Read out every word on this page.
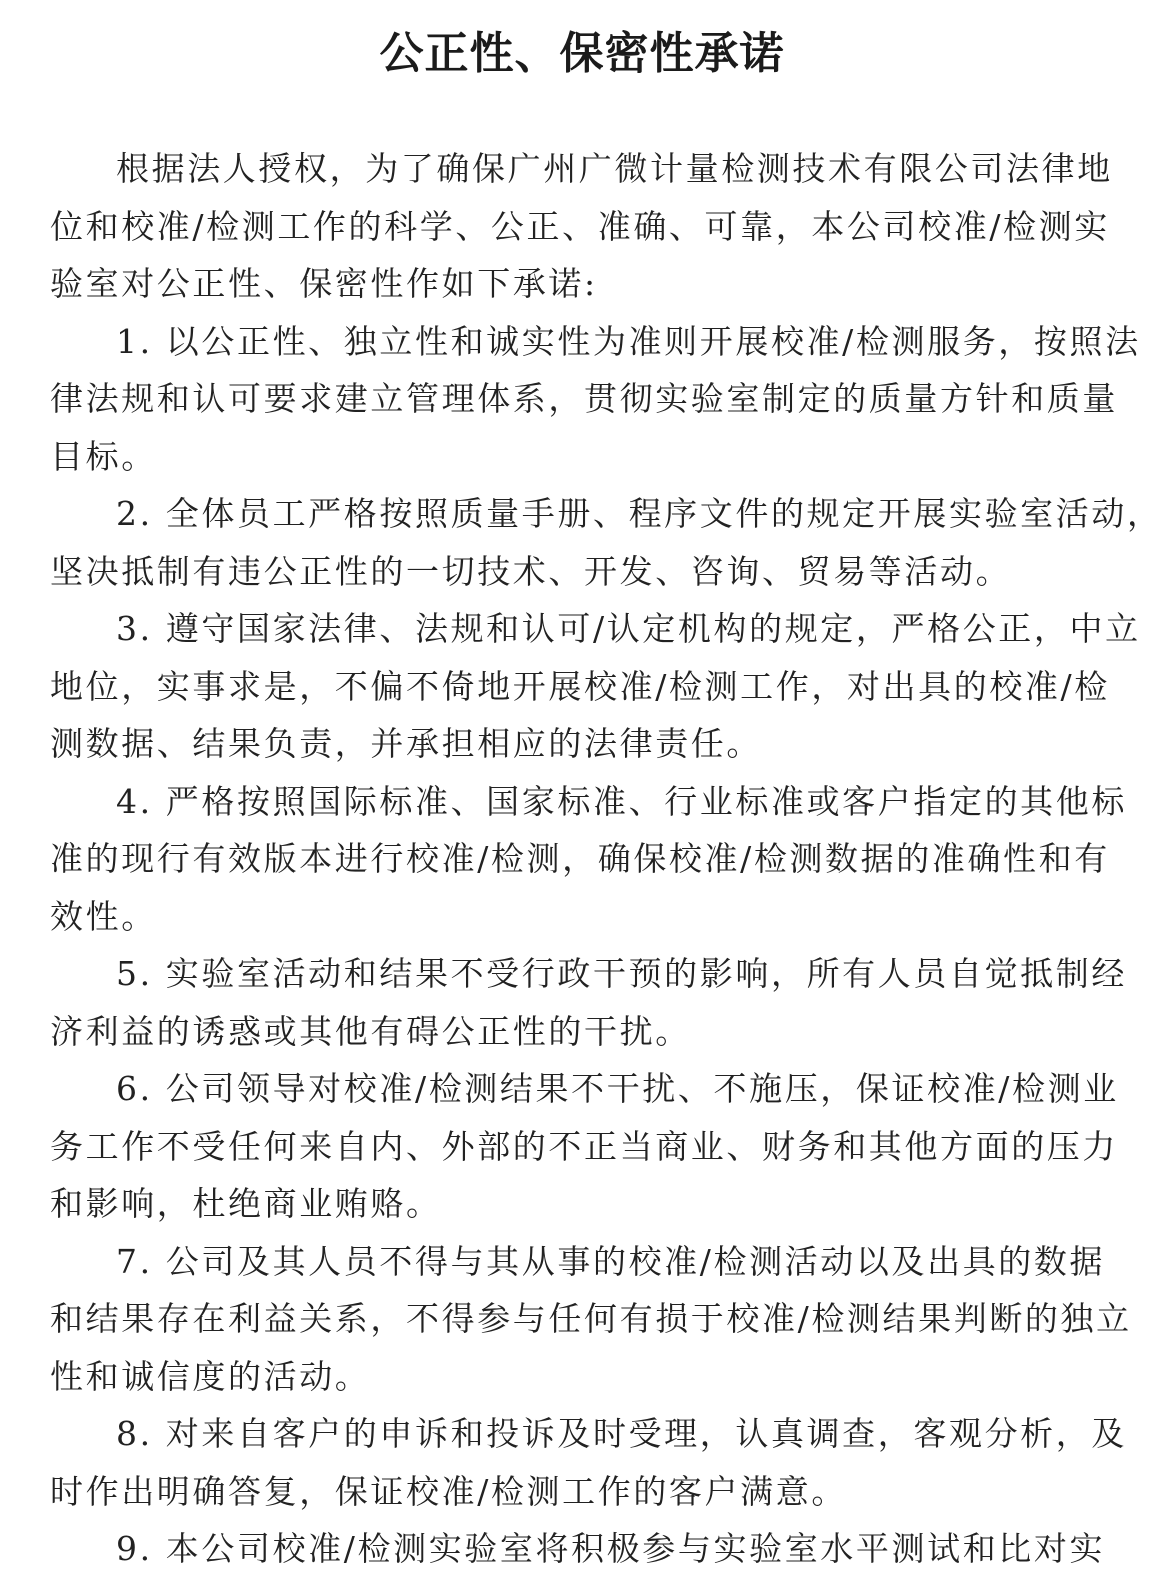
公正性、保密性承诺
根据法人授权，为了确保广州广微计量检测技术有限公司法律地
位和校准/检测工作的科学、公正、准确、可靠，本公司校准/检测实
验室对公正性、保密性作如下承诺:
1. 以公正性、独立性和诚实性为准则开展校准/检测服务，按照法
律法规和认可要求建立管理体系，贯彻实验室制定的质量方针和质量
目标。
2. 全体员工严格按照质量手册、程序文件的规定开展实验室活动，
坚决抵制有违公正性的一切技术、开发、咨询、贸易等活动。
3. 遵守国家法律、法规和认可/认定机构的规定，严格公正，中立
地位，实事求是，不偏不倚地开展校准/检测工作，对出具的校准/检
测数据、结果负责，并承担相应的法律责任。
4. 严格按照国际标准、国家标准、行业标准或客户指定的其他标
准的现行有效版本进行校准/检测，确保校准/检测数据的准确性和有
效性。
5. 实验室活动和结果不受行政干预的影响，所有人员自觉抵制经
济利益的诱惑或其他有碍公正性的干扰。
6. 公司领导对校准/检测结果不干扰、不施压，保证校准/检测业
务工作不受任何来自内、外部的不正当商业、财务和其他方面的压力
和影响，杜绝商业贿赂。
7. 公司及其人员不得与其从事的校准/检测活动以及出具的数据
和结果存在利益关系，不得参与任何有损于校准/检测结果判断的独立
性和诚信度的活动。
8. 对来自客户的申诉和投诉及时受理，认真调查，客观分析，及
时作出明确答复，保证校准/检测工作的客户满意。
9. 本公司校准/检测实验室将积极参与实验室水平测试和比对实
